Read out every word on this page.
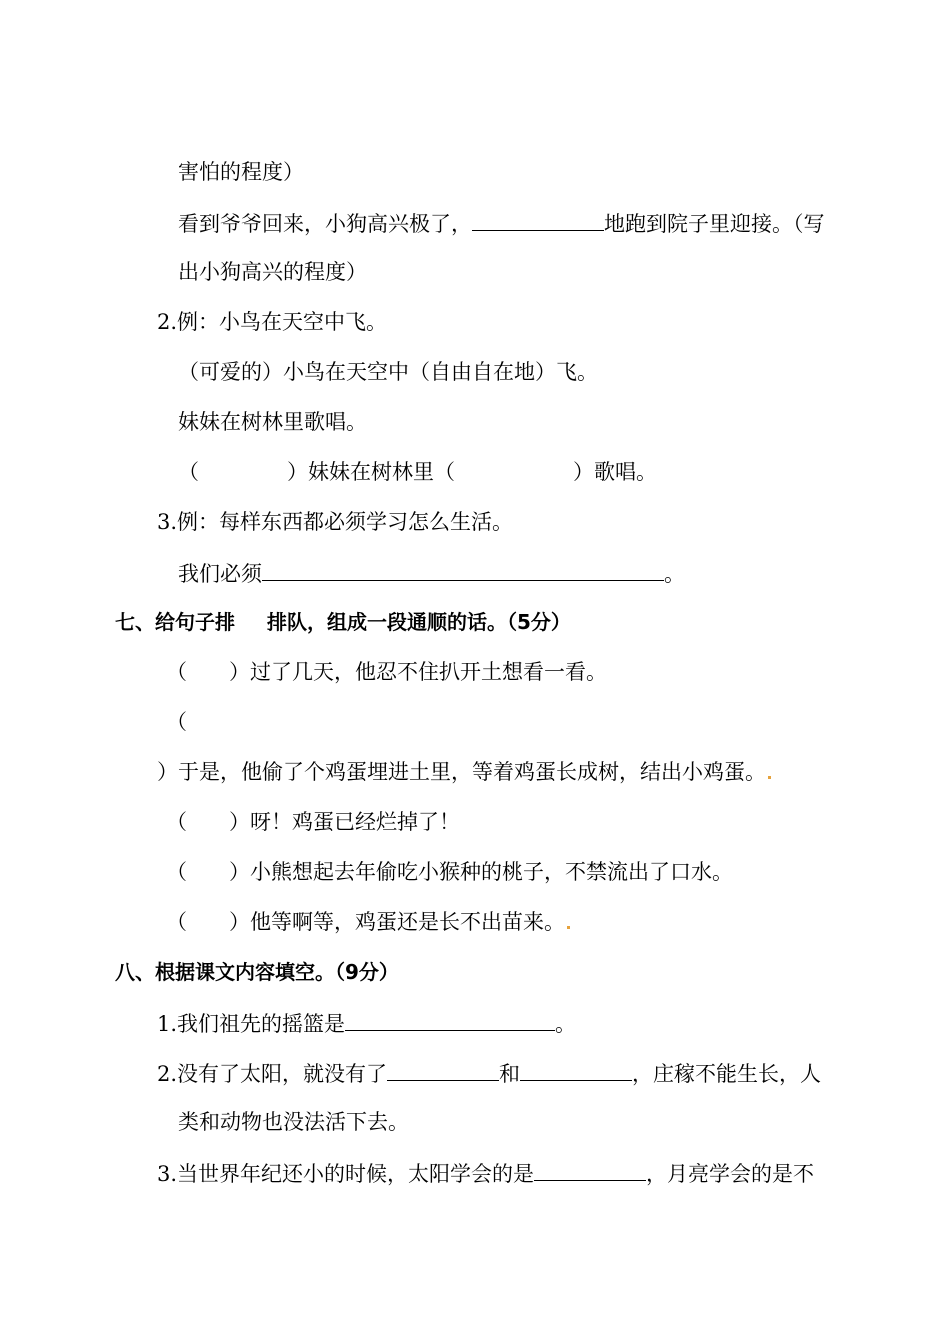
害怕的程度）
看到爷爷回来，小狗高兴极了，	地跑到院子里迎接。（写
出小狗高兴的程度）
2.例：小鸟在天空中飞。
（可爱的）小鸟在天空中（自由自在地）飞。
妹妹在树林里歌唱。
（	）妹妹在树林里（	）歌唱。
3.例：每样东西都必须学习怎么生活。
我们必须	。
七、给句子排 排队，组成一段通顺的话。（5分）
（ ）过了几天，他忍不住扒开土想看一看。
（
）于是，他偷了个鸡蛋埋进土里，等着鸡蛋长成树，结出小鸡蛋。
（ ）呀！鸡蛋已经烂掉了！
（ ）小熊想起去年偷吃小猴种的桃子，不禁流出了口水。
（ ）他等啊等，鸡蛋还是长不出苗来。
八、根据课文内容填空。（9分）
1.我们祖先的摇篮是	。
2.没有了太阳，就没有了	和	，庄稼不能生长，人
类和动物也没法活下去。
3.当世界年纪还小的时候，太阳学会的是	，月亮学会的是不
